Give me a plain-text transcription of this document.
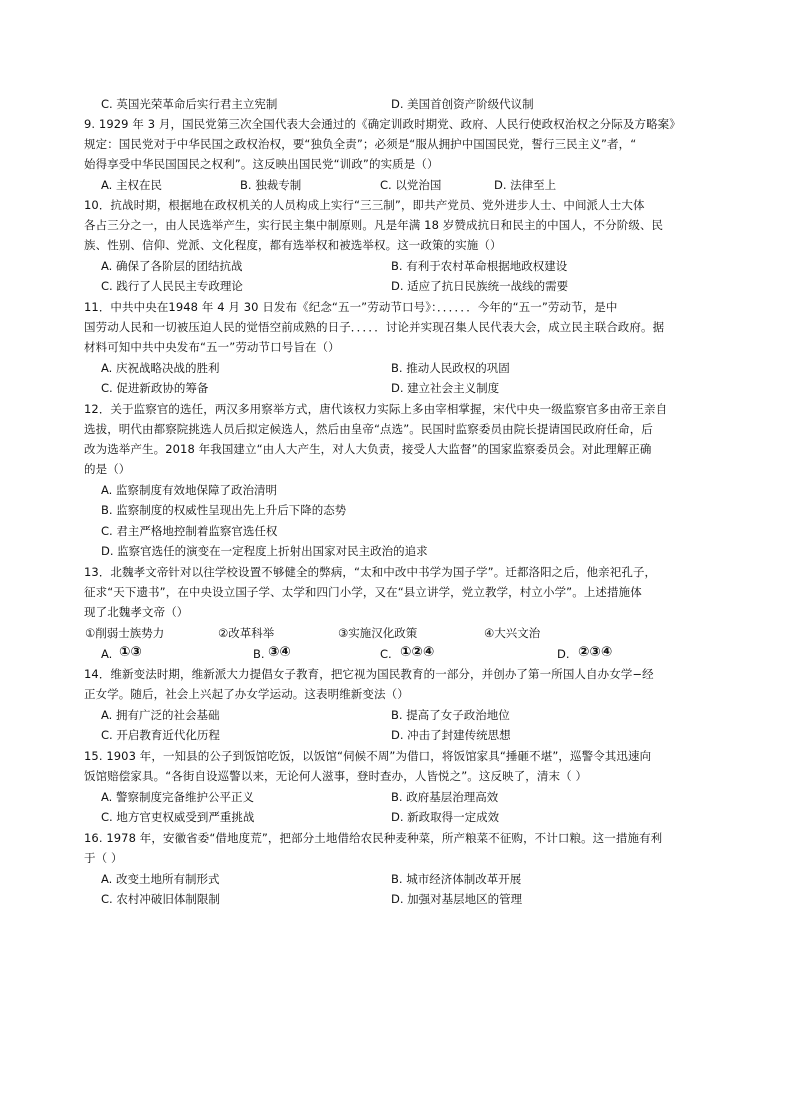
C. 英国光荣革命后实行君主立宪制	D. 美国首创资产阶级代议制
9. 1929 年 3 月，国民党第三次全国代表大会通过的《确定训政时期党、政府、人民行使政权治权之分际及方略案》
规定：国民党对于中华民国之政权治权，要“独负全责”；必须是“服从拥护中国国民党，誓行三民主义”者，“
始得享受中华民国国民之权利”。这反映出国民党“训政”的实质是（）
A. 主权在民	B. 独裁专制	C. 以党治国	D. 法律至上
10．抗战时期，根据地在政权机关的人员构成上实行“三三制”，即共产党员、党外进步人士、中间派人士大体
各占三分之一，由人民选举产生，实行民主集中制原则。凡是年满 18 岁赞成抗日和民主的中国人，不分阶级、民
族、性别、信仰、党派、文化程度，都有选举权和被选举权。这一政策的实施（）
A. 确保了各阶层的团结抗战	B. 有利于农村革命根据地政权建设
C. 践行了人民民主专政理论	D. 适应了抗日民族统一战线的需要
11．中共中央在1948 年 4 月 30 日发布《纪念“五一”劳动节口号》：．．．．．．今年的“五一”劳动节，是中
国劳动人民和一切被压迫人民的觉悟空前成熟的日子．．．．．讨论并实现召集人民代表大会，成立民主联合政府。据
材料可知中共中央发布“五一”劳动节口号旨在（）
A. 庆祝战略决战的胜利	B. 推动人民政权的巩固
C. 促进新政协的筹备	D. 建立社会主义制度
12．关于监察官的选任，两汉多用察举方式，唐代该权力实际上多由宰相掌握，宋代中央一级监察官多由帝王亲自
选拔，明代由都察院挑选人员后拟定候选人，然后由皇帝“点选”。民国时监察委员由院长提请国民政府任命，后
改为选举产生。2018 年我国建立“由人大产生，对人大负责，接受人大监督”的国家监察委员会。对此理解正确
的是（）
A. 监察制度有效地保障了政治清明
B. 监察制度的权威性呈现出先上升后下降的态势
C. 君主严格地控制着监察官选任权
D. 监察官选任的演变在一定程度上折射出国家对民主政治的追求
13．北魏孝文帝针对以往学校设置不够健全的弊病，“太和中改中书学为国子学”。迁都洛阳之后，他亲祀孔子，
征求“天下遗书”，在中央设立国子学、太学和四门小学，又在“县立讲学，党立教学，村立小学”。上述措施体
现了北魏孝文帝（）
①削弱士族势力	②改革科举	③实施汉化政策	④大兴文治
A. ①③	B. ③④	C. ①②④	D. ②③④
14．维新变法时期，维新派大力提倡女子教育，把它视为国民教育的一部分，并创办了第一所国人自办女学−经
正女学。随后，社会上兴起了办女学运动。这表明维新变法（）
A. 拥有广泛的社会基础	B. 提高了女子政治地位
C. 开启教育近代化历程	D. 冲击了封建传统思想
15. 1903 年，一知县的公子到饭馆吃饭，以饭馆“伺候不周”为借口，将饭馆家具“捶砸不堪”，巡警令其迅速向
饭馆赔偿家具。“各街自设巡警以来，无论何人滋事，登时查办，人皆悦之”。这反映了，清末（ ）
A. 警察制度完备维护公平正义	B. 政府基层治理高效
C. 地方官吏权威受到严重挑战	D. 新政取得一定成效
16. 1978 年，安徽省委“借地度荒”，把部分土地借给农民种麦种菜，所产粮菜不征购，不计口粮。这一措施有利
于（ ）
A. 改变土地所有制形式	B. 城市经济体制改革开展
C. 农村冲破旧体制限制	D. 加强对基层地区的管理
